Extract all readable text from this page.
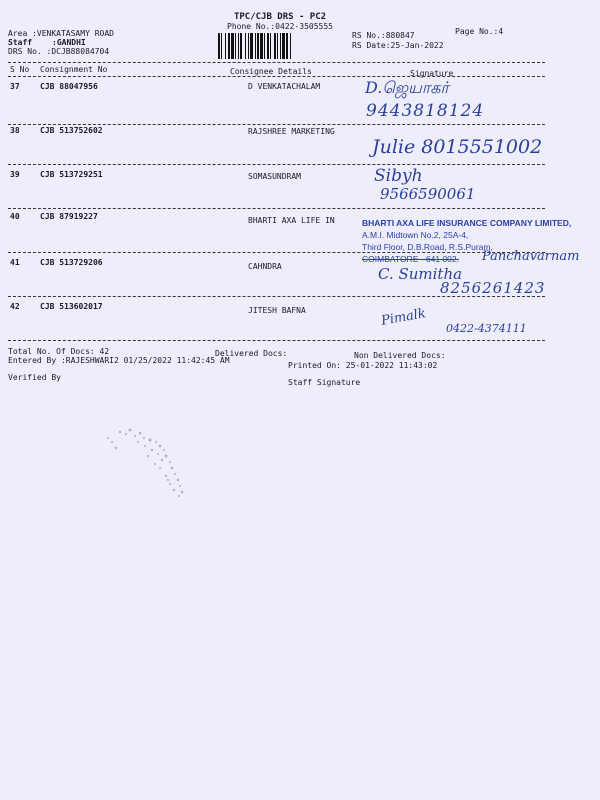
TPC/CJB DRS - PC2
Phone No.:0422-3505555
Area :VENKATASAMY ROAD
Staff :GANDHI
DRS No. :DCJB88084704
RS No.:880847
RS Date:25-Jan-2022
Page No.:4
S No Consignment No	Consignee Details	Signature
37	CJB 88047956	D VENKATACHALAM	D.ஜெயாகர்
9443818124
38	CJB 513752602	RAJSHREE MARKETING
Julie 8015551002
39	CJB 513729251	SOMASUNDRAM	Sibyh
9566590061
40	CJB 87919227	BHARTI AXA LIFE IN	BHARTI AXA LIFE INSURANCE COMPANY LIMITED,
A.M.I. Midtown No.2, 25A-4,
Third Floor, D.B.Road, R.S.Puram,
COIMBATORE - 641 002.
41	CJB 513729206	CAHNDRA
Panchavarnam
C. Sumitha
8256261423
42	CJB 513602017	JITESH BAFNA	Pimalk 0422-4374111
Total No. Of Docs: 42	Delivered Docs:	Non Delivered Docs:
Entered By :RAJESHWARI2 01/25/2022 11:42:45 AM
Printed On: 25-01-2022 11:43:02
Verified By
Staff Signature
